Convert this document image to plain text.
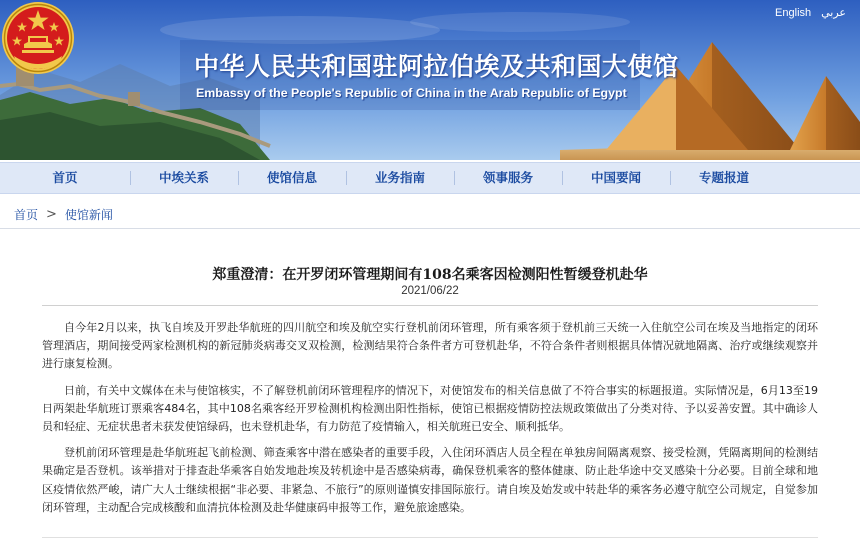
English عربي
中华人民共和国驻阿拉伯埃及共和国大使馆
Embassy of the People's Republic of China in the Arab Republic of Egypt
首页	中埃关系	使馆信息	业务指南	领事服务	中国要闻	专题报道
首页 > 使馆新闻
郑重澄清：在开罗闭环管理期间有108名乘客因检测阳性暂缓登机赴华
2021/06/22

自今年2月以来，执飞自埃及开罗赴华航班的四川航空和埃及航空实行登机前闭环管理，所有乘客须于登机前三天统一入住航空公司在埃及当地指定的闭环管理酒店，期间接受两家检测机构的新冠肺炎病毒交叉双检测，检测结果符合条件者方可登机赴华，不符合条件者则根据具体情况就地隔离、治疗或继续观察并进行康复检测。

日前，有关中文媒体在未与使馆核实，不了解登机前闭环管理程序的情况下，对使馆发布的相关信息做了不符合事实的标题报道。实际情况是，6月13至19日两架赴华航班订票乘客484名，其中108名乘客经开罗检测机构检测出阳性指标，使馆已根据疫情防控法规政策做出了分类对待、予以妥善安置。其中确诊人员和轻症、无症状患者未获发使馆绿码，也未登机赴华，有力防范了疫情输入，相关航班已安全、顺利抵华。

登机前闭环管理是赴华航班起飞前检测、筛查乘客中潜在感染者的重要手段，入住闭环酒店人员全程在单独房间隔离观察、接受检测，凭隔离期间的检测结果确定是否登机。该举措对于排查赴华乘客自始发地赴埃及转机途中是否感染病毒，确保登机乘客的整体健康、防止赴华途中交叉感染十分必要。目前全球和地区疫情依然严峻，请广大人士继续根据“非必要、非紧急、不旅行”的原则谨慎安排国际旅行。请自埃及始发或中转赴华的乘客务必遵守航空公司规定，自觉参加闭环管理，主动配合完成核酸和血清抗体检测及赴华健康码申报等工作，避免旅途感染。
